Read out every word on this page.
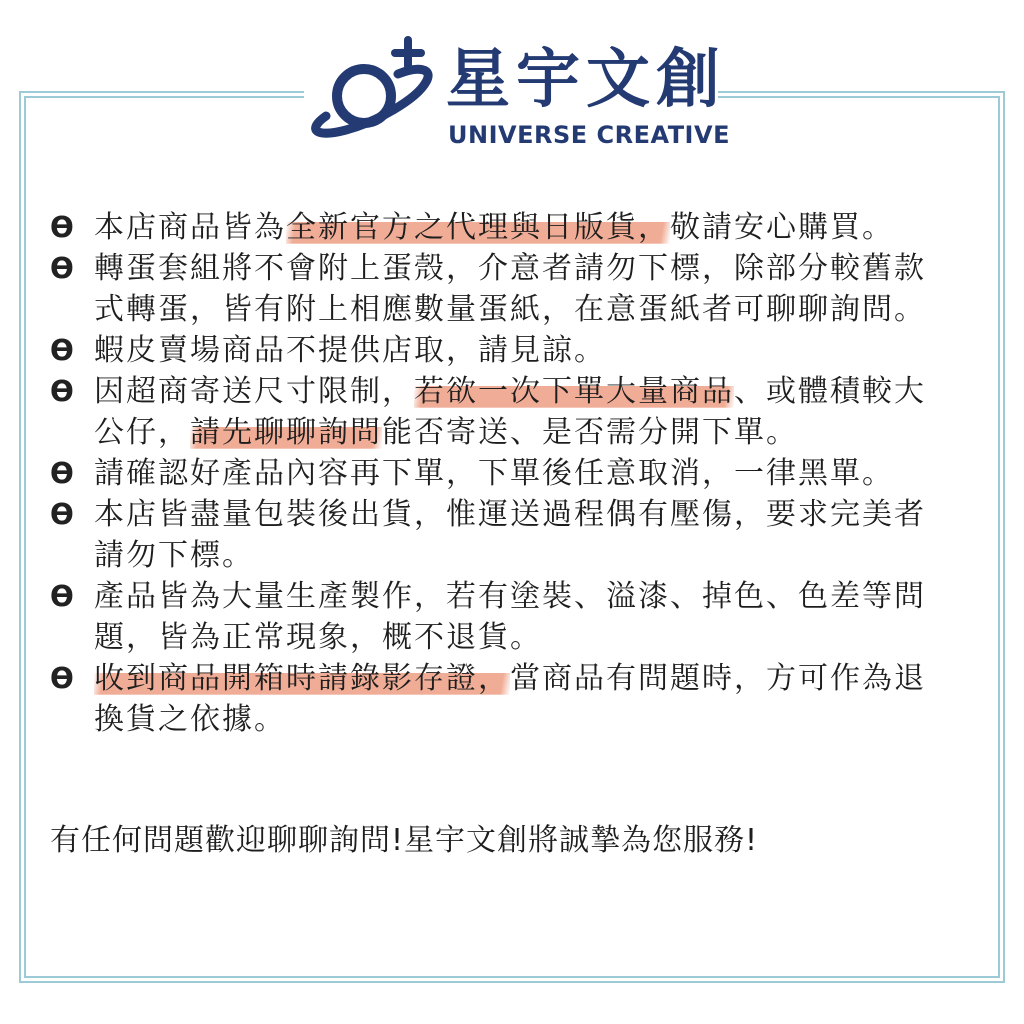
星宇文創
UNIVERSE CREATIVE
ϴ 本店商品皆為全新官方之代理與日版貨，敬請安心購買。
ϴ 轉蛋套組將不會附上蛋殼，介意者請勿下標，除部分較舊款式轉蛋，皆有附上相應數量蛋紙，在意蛋紙者可聊聊詢問。
ϴ 蝦皮賣場商品不提供店取，請見諒。
ϴ 因超商寄送尺寸限制，若欲一次下單大量商品、或體積較大公仔，請先聊聊詢問能否寄送、是否需分開下單。
ϴ 請確認好產品內容再下單，下單後任意取消，一律黑單。
ϴ 本店皆盡量包裝後出貨，惟運送過程偶有壓傷，要求完美者請勿下標。
ϴ 產品皆為大量生產製作，若有塗裝、溢漆、掉色、色差等問題，皆為正常現象，概不退貨。
ϴ 收到商品開箱時請錄影存證，當商品有問題時，方可作為退換貨之依據。
有任何問題歡迎聊聊詢問!星宇文創將誠摯為您服務!
